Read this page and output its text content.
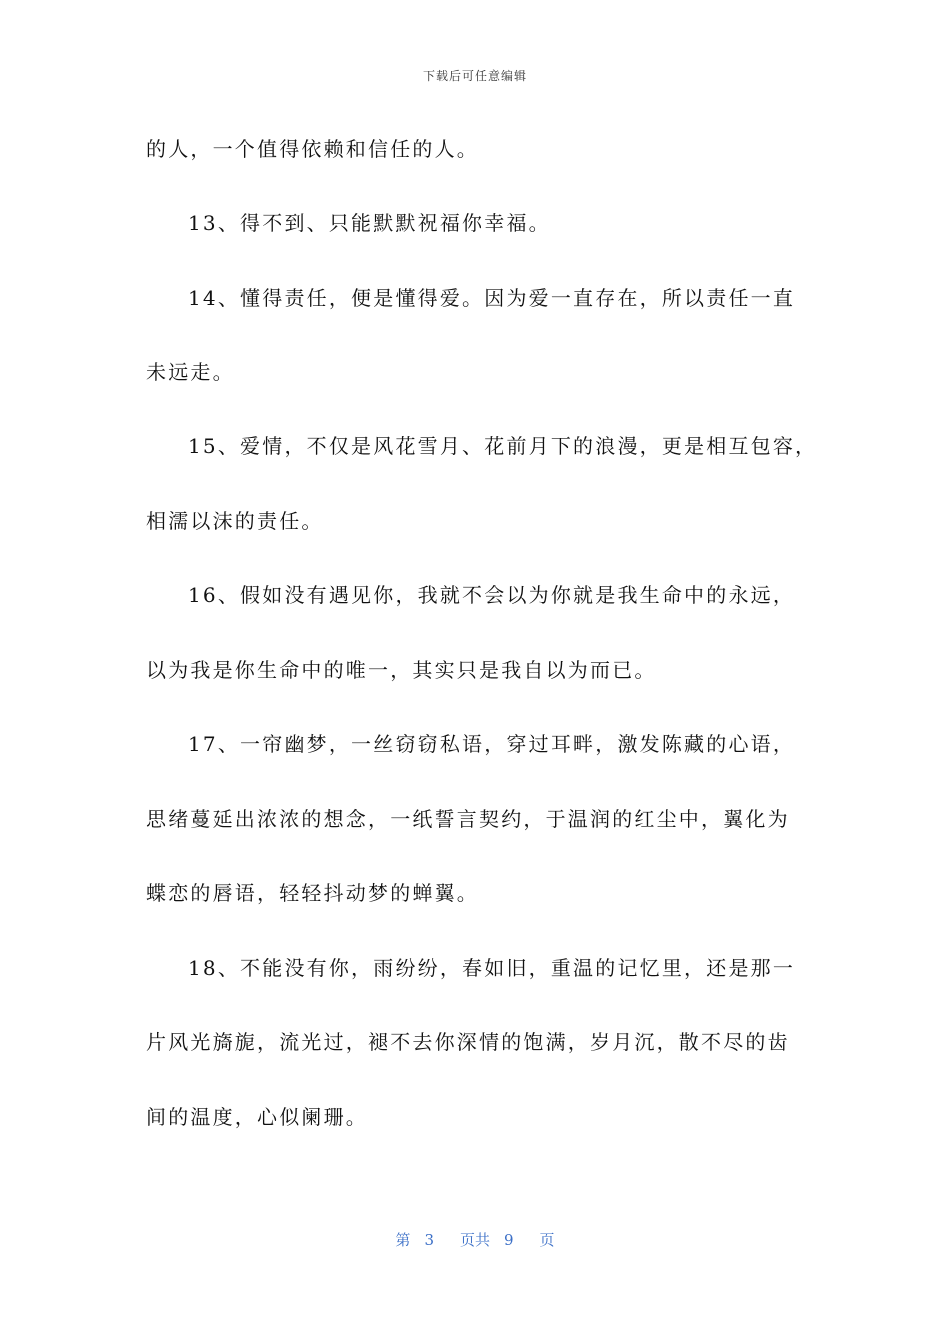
下载后可任意编辑
的人，一个值得依赖和信任的人。
13、得不到、只能默默祝福你幸福。
14、懂得责任，便是懂得爱。因为爱一直存在，所以责任一直
未远走。
15、爱情，不仅是风花雪月、花前月下的浪漫，更是相互包容，
相濡以沫的责任。
16、假如没有遇见你，我就不会以为你就是我生命中的永远，
以为我是你生命中的唯一，其实只是我自以为而已。
17、一帘幽梦，一丝窃窃私语，穿过耳畔，激发陈藏的心语，
思绪蔓延出浓浓的想念，一纸誓言契约，于温润的红尘中，翼化为
蝶恋的唇语，轻轻抖动梦的蝉翼。
18、不能没有你，雨纷纷，春如旧，重温的记忆里，还是那一
片风光旖旎，流光过，褪不去你深情的饱满，岁月沉，散不尽的齿
间的温度，心似阑珊。
第 3 页共 9 页
